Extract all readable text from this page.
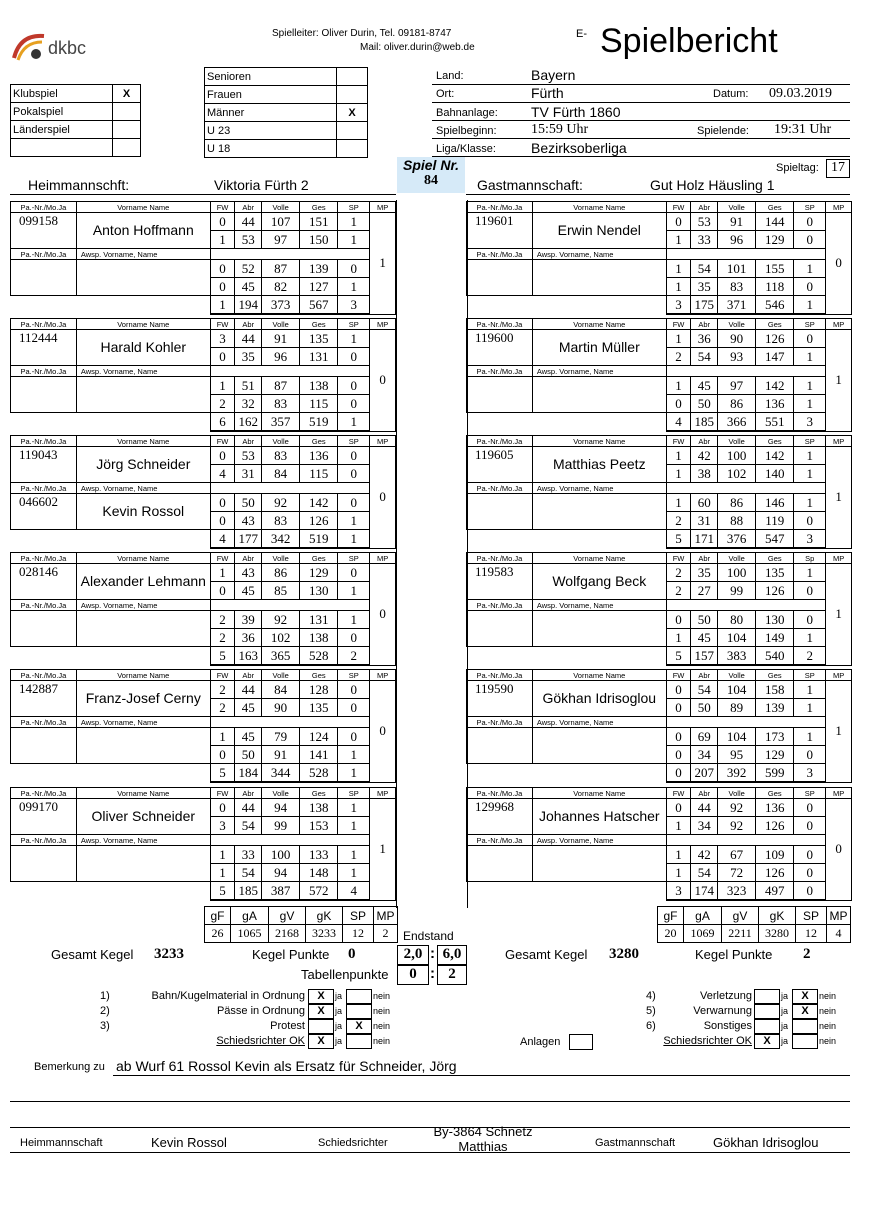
dkbc
Spielleiter: Oliver Durin, Tel. 09181-8747
Mail: oliver.durin@web.de
E- Spielbericht
Klubspiel	X
Pokalspiel	
Länderspiel	

Senioren	
Frauen	
Männer	X
U 23	
U 18	
Land:	Bayern
Ort:	Fürth	Datum: 09.03.2019
Bahnanlage: TV Fürth 1860
Spielbeginn: 15:59 Uhr	Spielende: 19:31 Uhr
Liga/Klasse:	Bezirksoberliga
Spiel Nr.
84
Spieltag: 17
Heimmannschft:	Viktoria Fürth 2	Gastmannschaft:	Gut Holz Häusling 1
Pa.-Nr./Mo.Ja	Vorname Name	FW	Abr	Volle	Ges	SP	MP
099158	Anton Hoffmann	0	44	107	151	1	1
		1	53	97	150	1	
Pa.-Nr./Mo.Ja	Awsp. Vorname, Name						
		0	52	87	139	0	
		0	45	82	127	1	
		1	194	373	567	3	
Pa.-Nr./Mo.Ja	Vorname Name	FW	Abr	Volle	Ges	SP	MP
112444	Harald Kohler	3	44	91	135	1	0
		0	35	96	131	0	
Pa.-Nr./Mo.Ja	Awsp. Vorname, Name						
		1	51	87	138	0	
		2	32	83	115	0	
		6	162	357	519	1	
Pa.-Nr./Mo.Ja	Vorname Name	FW	Abr	Volle	Ges	SP	MP
119043	Jörg Schneider	0	53	83	136	0	0
		4	31	84	115	0	
Pa.-Nr./Mo.Ja	Awsp. Vorname, Name						
046602	Kevin Rossol	0	50	92	142	0	
		0	43	83	126	1	
		4	177	342	519	1	
Pa.-Nr./Mo.Ja	Vorname Name	FW	Abr	Volle	Ges	SP	MP
028146	Alexander Lehmann	1	43	86	129	0	0
		0	45	85	130	1	
Pa.-Nr./Mo.Ja	Awsp. Vorname, Name						
		2	39	92	131	1	
		2	36	102	138	0	
		5	163	365	528	2	
Pa.-Nr./Mo.Ja	Vorname Name	FW	Abr	Volle	Ges	SP	MP
142887	Franz-Josef Cerny	2	44	84	128	0	0
		2	45	90	135	0	
Pa.-Nr./Mo.Ja	Awsp. Vorname, Name						
		1	45	79	124	0	
		0	50	91	141	1	
		5	184	344	528	1	
Pa.-Nr./Mo.Ja	Vorname Name	FW	Abr	Volle	Ges	SP	MP
099170	Oliver Schneider	0	44	94	138	1	1
		3	54	99	153	1	
Pa.-Nr./Mo.Ja	Awsp. Vorname, Name						
		1	33	100	133	1	
		1	54	94	148	1	
		5	185	387	572	4	
Pa.-Nr./Mo.Ja	Vorname Name	FW	Abr	Volle	Ges	SP	MP
119601	Erwin Nendel	0	53	91	144	0	0
		1	33	96	129	0	
Pa.-Nr./Mo.Ja	Awsp. Vorname, Name						
		1	54	101	155	1	
		1	35	83	118	0	
		3	175	371	546	1	
Pa.-Nr./Mo.Ja	Vorname Name	FW	Abr	Volle	Ges	SP	MP
119600	Martin Müller	1	36	90	126	0	1
		2	54	93	147	1	
Pa.-Nr./Mo.Ja	Awsp. Vorname, Name						
		1	45	97	142	1	
		0	50	86	136	1	
		4	185	366	551	3	
Pa.-Nr./Mo.Ja	Vorname Name	FW	Abr	Volle	Ges	SP	MP
119605	Matthias Peetz	1	42	100	142	1	1
		1	38	102	140	1	
Pa.-Nr./Mo.Ja	Awsp. Vorname, Name						
		1	60	86	146	1	
		2	31	88	119	0	
		5	171	376	547	3	
Pa.-Nr./Mo.Ja	Vorname Name	FW	Abr	Volle	Ges	Sp	MP
119583	Wolfgang Beck	2	35	100	135	1	1
		2	27	99	126	0	
Pa.-Nr./Mo.Ja	Awsp. Vorname, Name						
		0	50	80	130	0	
		1	45	104	149	1	
		5	157	383	540	2	
Pa.-Nr./Mo.Ja	Vorname Name	FW	Abr	Volle	Ges	SP	MP
119590	Gökhan Idrisoglou	0	54	104	158	1	1
		0	50	89	139	1	
Pa.-Nr./Mo.Ja	Awsp. Vorname, Name						
		0	69	104	173	1	
		0	34	95	129	0	
		0	207	392	599	3	
Pa.-Nr./Mo.Ja	Vorname Name	FW	Abr	Volle	Ges	SP	MP
129968	Johannes Hatscher	0	44	92	136	0	0
		1	34	92	126	0	
Pa.-Nr./Mo.Ja	Awsp. Vorname, Name						
		1	42	67	109	0	
		1	54	72	126	0	
		3	174	323	497	0	
gF	gA	gV	gK	SP	MP
26	1065	2168	3233	12	2
gF	gA	gV	gK	SP	MP
20	1069	2211	3280	12	4
Endstand
Gesamt Kegel 3233	Kegel Punkte 0	2,0 : 6,0	Gesamt Kegel 3280	Kegel Punkte 2
Tabellenpunkte	0 : 2
1)	Bahn/Kugelmaterial in Ordnung	X	ja	nein
2)	Pässe in Ordnung	X	ja	nein
3)	Protest	ja	X	nein
Schiedsrichter OK	X	ja	nein
4)	Verletzung	ja	X	nein
5)	Verwarnung	ja	X	nein
6)	Sonstiges	ja	nein
Schiedsrichter OK	X	ja	nein
Anlagen
Bemerkung zu ab Wurf 61 Rossol Kevin als Ersatz für Schneider, Jörg
Heimmannschaft	Kevin Rossol	Schiedsrichter
By-3864 Schnetz Matthias	Gastmannschaft	Gökhan Idrisoglou
